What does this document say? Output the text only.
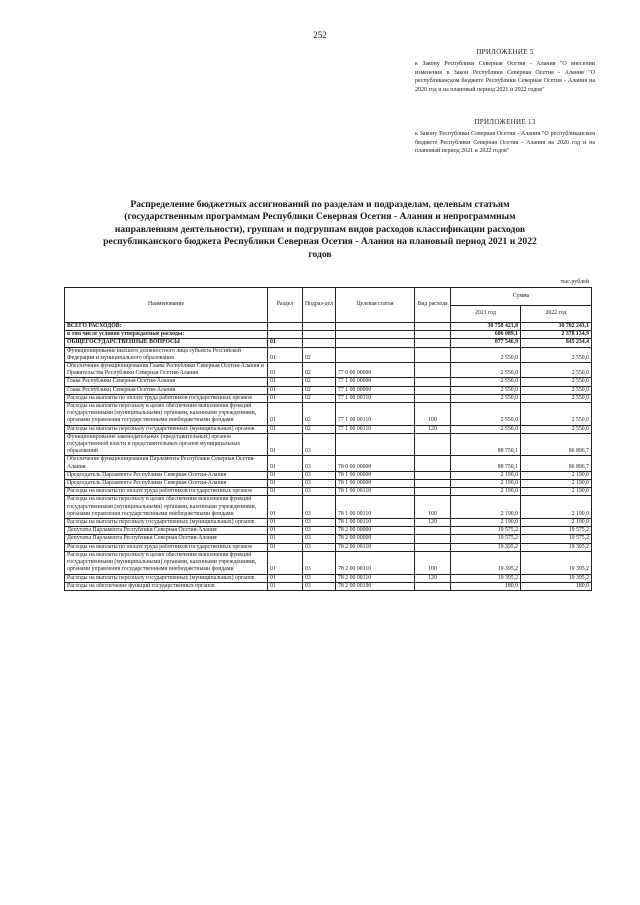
252
ПРИЛОЖЕНИЕ 5
к Закону Республики Северная Осетия - Алания "О внесении изменения в Закон Республики Северная Осетия - Алания "О республиканском бюджете Республики Северная Осетия - Алания на 2020 год и на плановый период 2021 и 2022 годов"
ПРИЛОЖЕНИЕ 13
к Закону Республики Северная Осетия - Алания "О республиканском бюджете Республики Северная Осетия - Алания на 2020 год и на плановый период 2021 и 2022 годов"
Распределение бюджетных ассигнований по разделам и подразделам, целевым статьям (государственным программам Республики Северная Осетия - Алания и непрограммным направлениям деятельности), группам и подгруппам видов расходов классификации расходов республиканского бюджета Республики Северная Осетия - Алания на плановый период 2021 и 2022 годов
тыс.рублей
Наименование	Раздел	Подраз-дел	Целевая статья	Вид расхода	Сумма	
					2021 год	2022 год
ВСЕГО РАСХОДОВ:					30 758 421,8	30 702 243,1
в том числе условно утверждаемые расходы:					606 089,1	2 378 134,9
ОБЩЕГОСУДАРСТВЕННЫЕ ВОПРОСЫ	01				877 546,9	845 234,4
Функционирование высшего должностного лица субъекта Российской Федерации и муниципального образования	01	02			2 550,0	2 550,0
Обеспечение функционирования Главы Республики Северная Осетия-Алания и Правительства Республики Северная Осетия-Алания	01	02	77 0 00 00000		2 550,0	2 550,0
Глава Республики Северная Осетия-Алания	01	02	77 1 00 00000		2 550,0	2 550,0
Глава Республики Северная Осетия-Алания	01	02	77 1 00 00000		2 550,0	2 550,0
Расходы на выплаты по оплате труда работников государственных органов	01	02	77 1 00 00110		2 550,0	2 550,0
Расходы на выплаты персоналу в целях обеспечения выполнения функций государственными (муниципальными) органами, казенными учреждениями, органами управления государственными внебюджетными фондами	01	02	77 1 00 00110	100	2 550,0	2 550,0
Расходы на выплаты персоналу государственных (муниципальных) органов	01	02	77 1 00 00110	120	2 550,0	2 550,0
Функционирование законодательных (представительных) органов государственной власти и представительных органов муниципальных образований	01	03			88 750,1	86 896,7
Обеспечение функционирования Парламента Республики Северная Осетия-Алания	01	03	78 0 00 00000		88 750,1	86 896,7
Председатель Парламента Республики Северная Осетия-Алания	01	03	78 1 00 00000		2 190,0	2 190,0
Председатель Парламента Республики Северная Осетия-Алания	01	03	78 1 00 00000		2 190,0	2 190,0
Расходы на выплаты по оплате труда работников государственных органов	01	03	78 1 00 00110		2 190,0	2 190,0
Расходы на выплаты персоналу в целях обеспечения выполнения функций государственными (муниципальными) органами, казенными учреждениями, органами управления государственными внебюджетными фондами	01	03	78 1 00 00110	100	2 190,0	2 190,0
Расходы на выплаты персоналу государственных (муниципальных) органов	01	03	78 1 00 00110	120	2 190,0	2 190,0
Депутаты Парламента Республики Северная Осетия-Алания	01	03	78 2 00 00000		19 575,2	19 575,2
Депутаты Парламента Республики Северная Осетия-Алания	01	03	78 2 00 00000		19 575,2	19 575,2
Расходы на выплаты по оплате труда работников государственных органов	01	03	78 2 00 00110		19 395,2	19 395,2
Расходы на выплаты персоналу в целях обеспечения выполнения функций государственными (муниципальными) органами, казенными учреждениями, органами управления государственными внебюджетными фондами	01	03	78 2 00 00110	100	19 395,2	19 395,2
Расходы на выплаты персоналу государственных (муниципальных) органов	01	03	78 2 00 00110	120	19 395,2	19 395,2
Расходы на обеспечение функций государственных органов	01	03	78 2 00 00190		180,0	180,0
